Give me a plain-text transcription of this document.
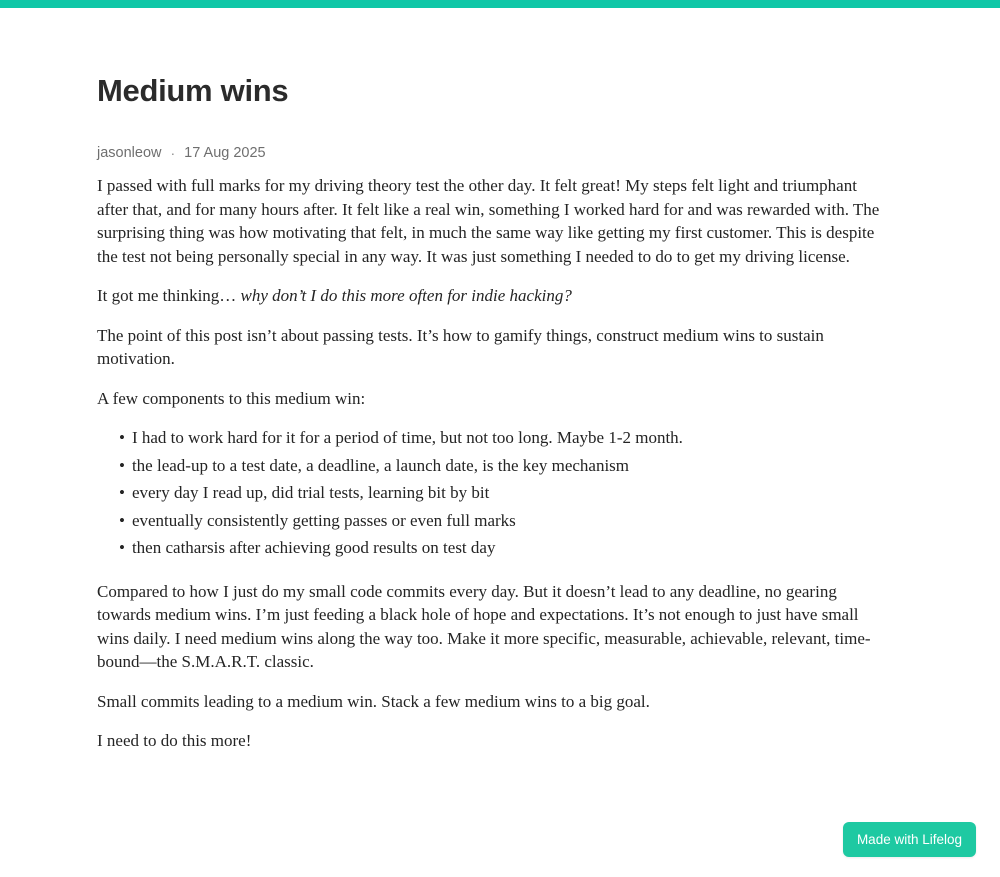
Medium wins
jasonleow · 17 Aug 2025

I passed with full marks for my driving theory test the other day. It felt great! My steps felt light and triumphant after that, and for many hours after. It felt like a real win, something I worked hard for and was rewarded with. The surprising thing was how motivating that felt, in much the same way like getting my first customer. This is despite the test not being personally special in any way. It was just something I needed to do to get my driving license.

It got me thinking… why don’t I do this more often for indie hacking?

The point of this post isn’t about passing tests. It’s how to gamify things, construct medium wins to sustain motivation.

A few components to this medium win:

• I had to work hard for it for a period of time, but not too long. Maybe 1-2 month.
• the lead-up to a test date, a deadline, a launch date, is the key mechanism
• every day I read up, did trial tests, learning bit by bit
• eventually consistently getting passes or even full marks
• then catharsis after achieving good results on test day

Compared to how I just do my small code commits every day. But it doesn’t lead to any deadline, no gearing towards medium wins. I’m just feeding a black hole of hope and expectations. It’s not enough to just have small wins daily. I need medium wins along the way too. Make it more specific, measurable, achievable, relevant, time-bound—the S.M.A.R.T. classic.

Small commits leading to a medium win. Stack a few medium wins to a big goal.

I need to do this more!

Made with Lifelog
